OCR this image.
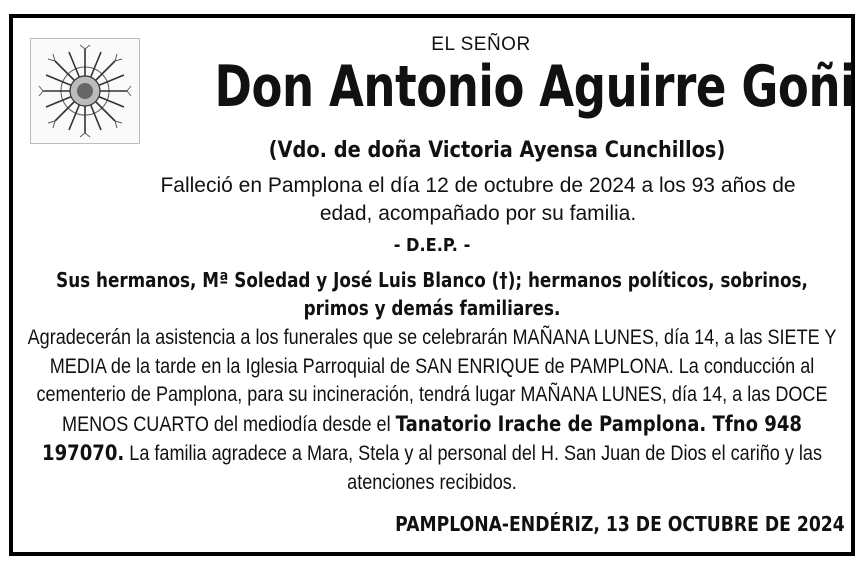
EL SEÑOR
Don Antonio Aguirre Goñi
(Vdo. de doña Victoria Ayensa Cunchillos)
Falleció en Pamplona el día 12 de octubre de 2024 a los 93 años de edad, acompañado por su familia.
- D.E.P. -
Sus hermanos, Mª Soledad y José Luis Blanco (†); hermanos políticos, sobrinos, primos y demás familiares.
Agradecerán la asistencia a los funerales que se celebrarán MAÑANA LUNES, día 14, a las SIETE Y MEDIA de la tarde en la Iglesia Parroquial de SAN ENRIQUE de PAMPLONA. La conducción al cementerio de Pamplona, para su incineración, tendrá lugar MAÑANA LUNES, día 14, a las DOCE MENOS CUARTO del mediodía desde el Tanatorio Irache de Pamplona. Tfno 948 197070. La familia agradece a Mara, Stela y al personal del H. San Juan de Dios el cariño y las atenciones recibidos.
PAMPLONA-ENDÉRIZ, 13 DE OCTUBRE DE 2024
